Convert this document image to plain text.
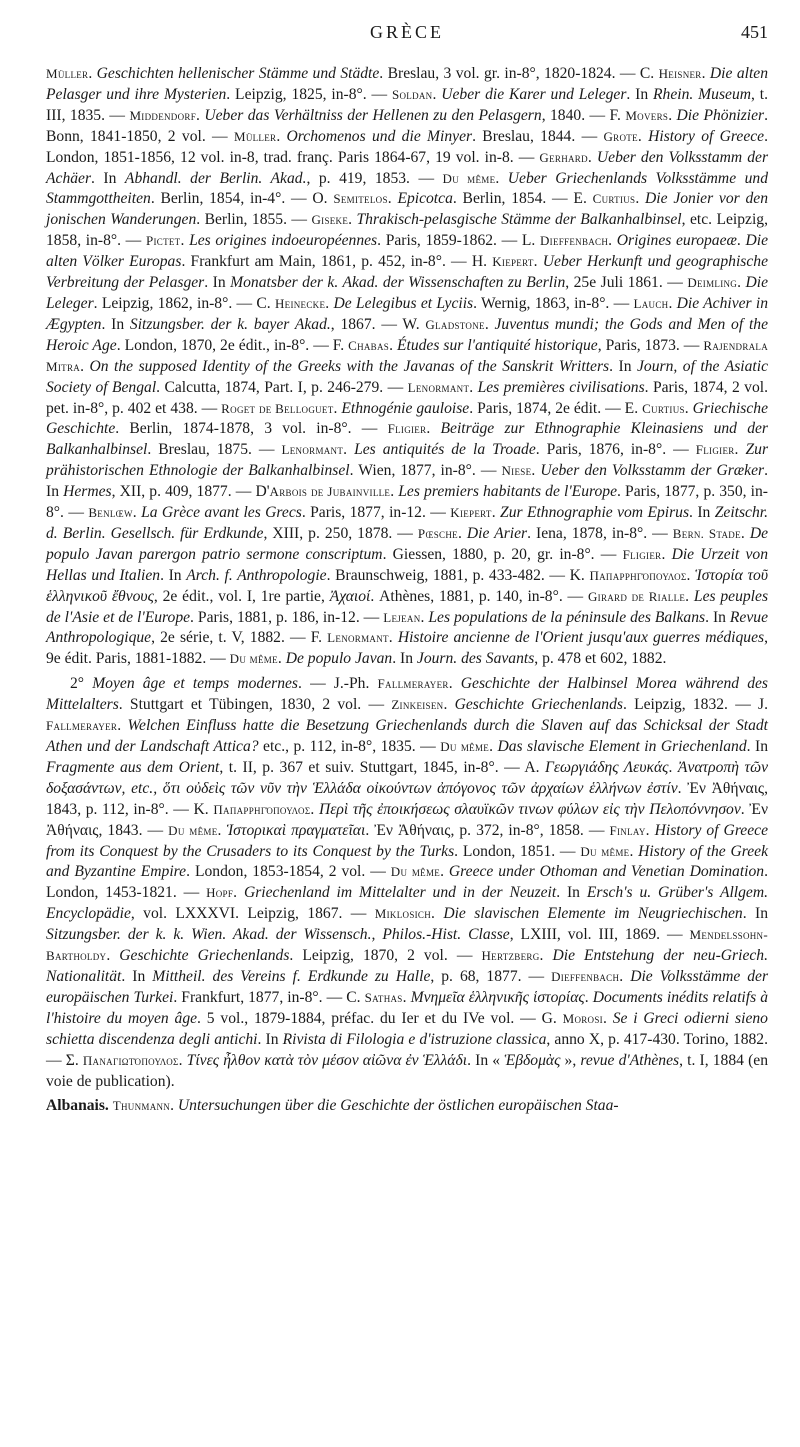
GRÈCE	451

Müller. Geschichten hellenischer Stämme und Städte. Breslau, 3 vol. gr. in-8°, 1820-1824. — C. Heisner. Die alten Pelasger und ihre Mysterien. Leipzig, 1825, in-8°. — Soldan. Ueber die Karer und Leleger. In Rhein. Museum, t. III, 1835. — Middendorf. Ueber das Verhältniss der Hellenen zu den Pelasgern, 1840. — F. Movers. Die Phönizier. Bonn, 1841-1850, 2 vol. — Müller. Orchomenos und die Minyer. Breslau, 1844. — Grote. History of Greece. London, 1851-1856, 12 vol. in-8, trad. franç. Paris 1864-67, 19 vol. in-8. — Gerhard. Ueber den Volksstamm der Achäer. In Abhandl. der Berlin. Akad., p. 419, 1853. — Du même. Ueber Griechenlands Volksstämme und Stammgottheiten. Berlin, 1854, in-4°. — O. Semitelos. Epicotca. Berlin, 1854. — E. Curtius. Die Jonier vor den jonischen Wanderungen. Berlin, 1855. — Giseke. Thrakisch-pelasgische Stämme der Balkanhalbinsel, etc. Leipzig, 1858, in-8°. — Pictet. Les origines indoeuropéennes. Paris, 1859-1862. — L. Dieffenbach. Origines europaeæ. Die alten Völker Europas. Frankfurt am Main, 1861, p. 452, in-8°. — H. Kiepert. Ueber Herkunft und geographische Verbreitung der Pelasger. In Monatsber der k. Akad. der Wissenschaften zu Berlin, 25e Juli 1861. — Deimling. Die Leleger. Leipzig, 1862, in-8°. — C. Heinecke. De Lelegibus et Lyciis. Wernig, 1863, in-8°. — Lauch. Die Achiver in Ægypten. In Sitzungsber. der k. bayer Akad., 1867. — W. Gladstone. Juventus mundi; the Gods and Men of the Heroic Age. London, 1870, 2e édit., in-8°. — F. Chabas. Études sur l'antiquité historique, Paris, 1873. — Rajendrala Mitra. On the supposed Identity of the Greeks with the Javanas of the Sanskrit Writters. In Journ, of the Asiatic Society of Bengal. Calcutta, 1874, Part. I, p. 246-279. — Lenormant. Les premières civilisations. Paris, 1874, 2 vol. pet. in-8°, p. 402 et 438. — Roget de Belloguet. Ethnogénie gauloise. Paris, 1874, 2e édit. — E. Curtius. Griechische Geschichte. Berlin, 1874-1878, 3 vol. in-8°. — Fligier. Beiträge zur Ethnographie Kleinasiens und der Balkanhalbinsel. Breslau, 1875. — Lenormant. Les antiquités de la Troade. Paris, 1876, in-8°. — Fligier. Zur prähistorischen Ethnologie der Balkanhalbinsel. Wien, 1877, in-8°. — Niese. Ueber den Volksstamm der Græker. In Hermes, XII, p. 409, 1877. — D'Arbois de Jubainville. Les premiers habitants de l'Europe. Paris, 1877, p. 350, in-8°. — Benlœw. La Grèce avant les Grecs. Paris, 1877, in-12. — Kiepert. Zur Ethnographie vom Epirus. In Zeitschr. d. Berlin. Gesellsch. für Erdkunde, XIII, p. 250, 1878. — Pœsche. Die Arier. Iena, 1878, in-8°. — Bern. Stade. De populo Javan parergon patrio sermone conscriptum. Giessen, 1880, p. 20, gr. in-8°. — Fligier. Die Urzeit von Hellas und Italien. In Arch. f. Anthropologie. Braunschweig, 1881, p. 433-482. — K. Παπαρρηγόπουλος. Ἱστορία τοῦ ἑλληνικοῦ ἔθνους, 2e édit., vol. I, 1re partie, Ἀχαιοί. Athènes, 1881, p. 140, in-8°. — Girard de Rialle. Les peuples de l'Asie et de l'Europe. Paris, 1881, p. 186, in-12. — Lejean. Les populations de la péninsule des Balkans. In Revue Anthropologique, 2e série, t. V, 1882. — F. Lenormant. Histoire ancienne de l'Orient jusqu'aux guerres médiques, 9e édit. Paris, 1881-1882. — Du même. De populo Javan. In Journ. des Savants, p. 478 et 602, 1882.

2° Moyen âge et temps modernes. — J.-Ph. Fallmerayer. Geschichte der Halbinsel Morea während des Mittelalters. Stuttgart et Tübingen, 1830, 2 vol. — Zinkeisen. Geschichte Griechenlands. Leipzig, 1832. — J. Fallmerayer. Welchen Einfluss hatte die Besetzung Griechenlands durch die Slaven auf das Schicksal der Stadt Athen und der Landschaft Attica? etc., p. 112, in-8°, 1835. — Du même. Das slavische Element in Griechenland. In Fragmente aus dem Orient, t. II, p. 367 et suiv. Stuttgart, 1845, in-8°. — A. Γεωργιάδης Λευκάς. Ἀνατροπὴ τῶν δοξασάντων, etc., ὅτι οὐδεὶς τῶν νῦν τὴν Ἑλλάδα οἰκούντων ἀπόγονος τῶν ἀρχαίων ἑλλήνων ἐστίν. Ἐν Ἀθήναις, 1843, p. 112, in-8°. — K. Παπαρρηγόπουλος. Περὶ τῆς ἐποικήσεως σλαυϊκῶν τινων φύλων εἰς τὴν Πελοπόννησον. Ἐν Ἀθήναις, 1843. — Du même. Ἱστορικαὶ πραγματεῖαι. Ἐν Ἀθήναις, p. 372, in-8°, 1858. — Finlay. History of Greece from its Conquest by the Crusaders to its Conquest by the Turks. London, 1851. — Du même. History of the Greek and Byzantine Empire. London, 1853-1854, 2 vol. — Du même. Greece under Othoman and Venetian Domination. London, 1453-1821. — Hopf. Griechenland im Mittelalter und in der Neuzeit. In Ersch's u. Grüber's Allgem. Encyclopädie, vol. LXXXVI. Leipzig, 1867. — Miklosich. Die slavischen Elemente im Neugriechischen. In Sitzungsber. der k. k. Wien. Akad. der Wissensch., Philos.-Hist. Classe, LXIII, vol. III, 1869. — Mendelssohn-Bartholdy. Geschichte Griechenlands. Leipzig, 1870, 2 vol. — Hertzberg. Die Entstehung der neu-Griech. Nationalität. In Mittheil. des Vereins f. Erdkunde zu Halle, p. 68, 1877. — Dieffenbach. Die Volksstämme der europäischen Turkei. Frankfurt, 1877, in-8°. — C. Sathas. Μνημεῖα ἑλληνικῆς ἱστορίας. Documents inédits relatifs à l'histoire du moyen âge. 5 vol., 1879-1884, préfac. du Ier et du IVe vol. — G. Morosi. Se i Greci odierni sieno schietta discendenza degli antichi. In Rivista di Filologia e d'istruzione classica, anno X, p. 417-430. Torino, 1882. — Σ. Παναγιωτόπουλος. Τίνες ἦλθον κατὰ τὸν μέσον αἰῶνα ἐν Ἑλλάδι. In « Ἑβδομὰς », revue d'Athènes, t. I, 1884 (en voie de publication).

Albanais. Thunmann. Untersuchungen über die Geschichte der östlichen europäischen Staa-
